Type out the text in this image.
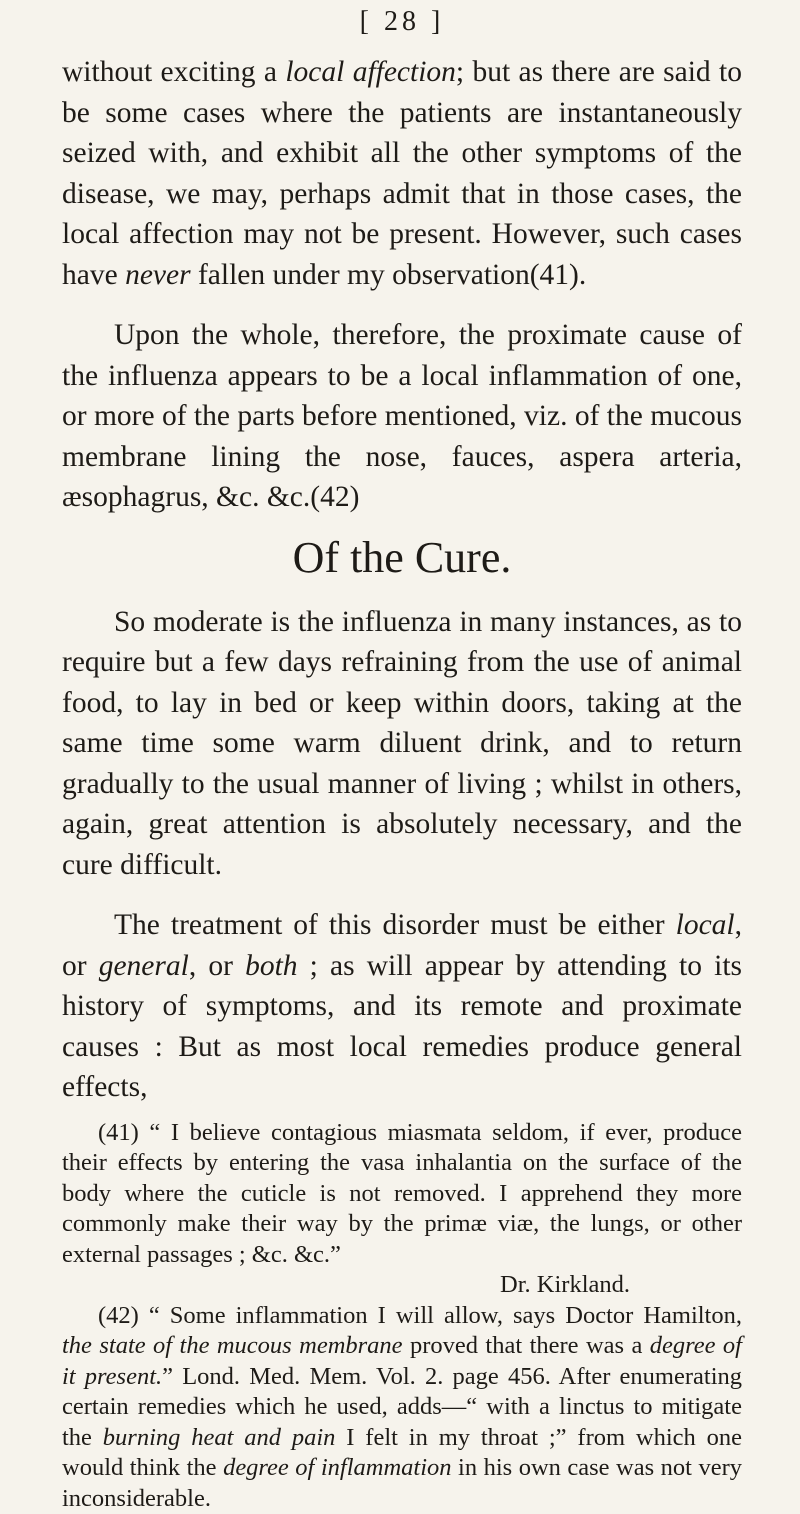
[ 28 ]

without exciting a local affection; but as there are said to be some cases where the patients are instantaneously seized with, and exhibit all the other symptoms of the disease, we may, perhaps admit that in those cases, the local affection may not be present. However, such cases have never fallen under my observation(41).

Upon the whole, therefore, the proximate cause of the influenza appears to be a local inflammation of one, or more of the parts before mentioned, viz. of the mucous membrane lining the nose, fauces, aspera arteria, æsophagrus, &c. &c.(42)

Of the Cure.

So moderate is the influenza in many instances, as to require but a few days refraining from the use of animal food, to lay in bed or keep within doors, taking at the same time some warm diluent drink, and to return gradually to the usual manner of living ; whilst in others, again, great attention is absolutely necessary, and the cure difficult.

The treatment of this disorder must be either local, or general, or both ; as will appear by attending to its history of symptoms, and its remote and proximate causes : But as most local remedies produce general effects,

(41) “ I believe contagious miasmata seldom, if ever, produce their effects by entering the vasa inhalantia on the surface of the body where the cuticle is not removed. I apprehend they more commonly make their way by the primæ viæ, the lungs, or other external passages ; &c. &c.”

Dr. Kirkland.

(42) “ Some inflammation I will allow, says Doctor Hamilton, the state of the mucous membrane proved that there was a degree of it present.” Lond. Med. Mem. Vol. 2. page 456. After enumerating certain remedies which he used, adds—“ with a linctus to mitigate the burning heat and pain I felt in my throat ;” from which one would think the degree of inflammation in his own case was not very inconsiderable.
